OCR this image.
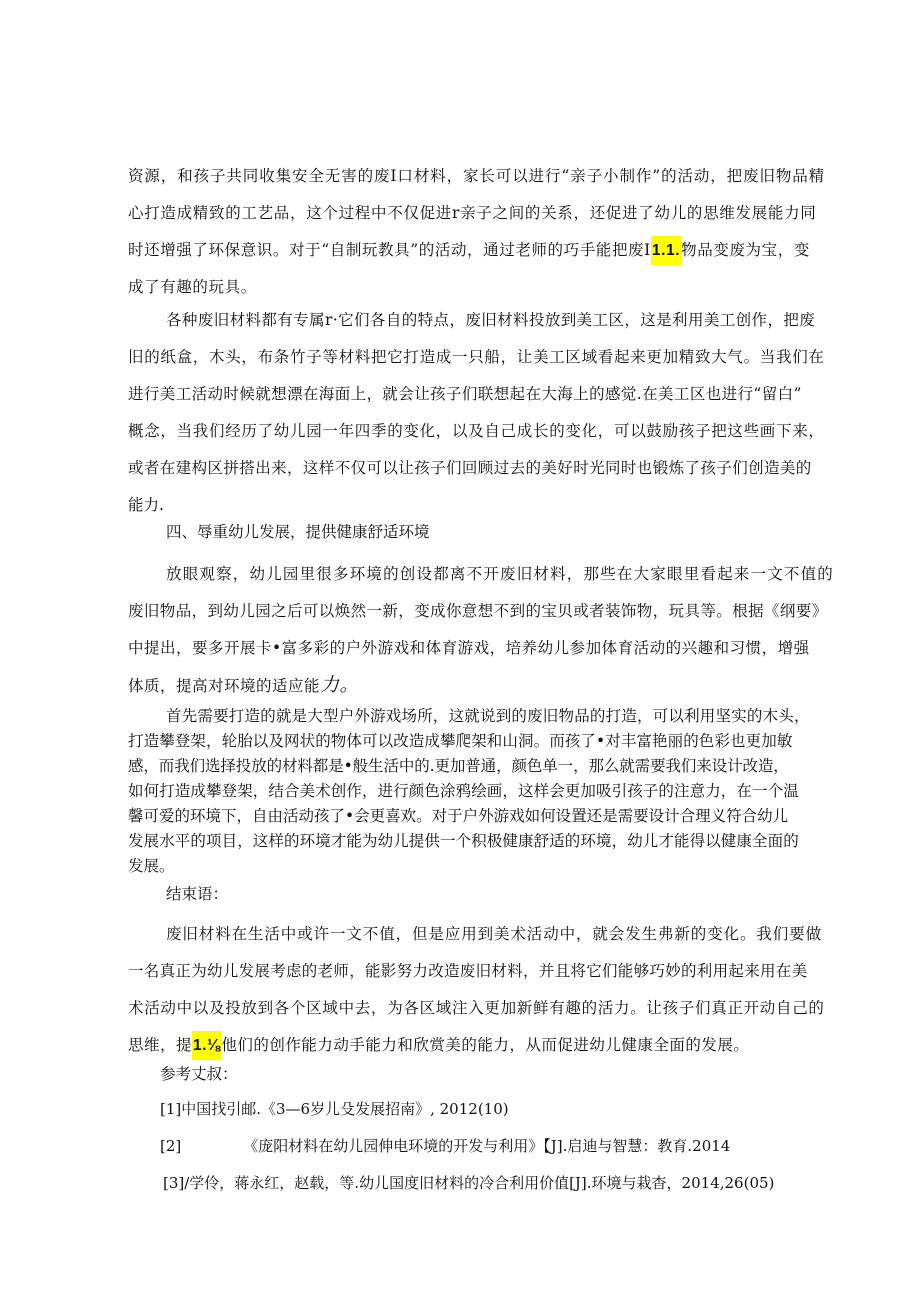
资源，和孩子共同收集安全无害的废I口材料，家长可以进行“亲子小制作”的活动，把废旧物品精
心打造成精致的工艺品，这个过程中不仅促进r亲子之间的关系，还促进了幼儿的思维发展能力同
时还增强了环保意识。对于“自制玩教具”的活动，通过老师的巧手能把废I1.1.物品变废为宝，变
成了有趣的玩具。
各种废旧材料都有专属r·它们各自的特点，废旧材料投放到美工区，这是利用美工创作，把废
旧的纸盒，木头，布条竹子等材料把它打造成一只船，让美工区域看起来更加精致大气。当我们在
进行美工活动时候就想漂在海面上，就会让孩子们联想起在大海上的感觉.在美工区也进行“留白”
概念，当我们经历了幼儿园一年四季的变化，以及自己成长的变化，可以鼓励孩子把这些画下来，
或者在建构区拼搭出来，这样不仅可以让孩子们回顾过去的美好时光同时也锻炼了孩子们创造美的
能力.

四、辱重幼儿发展，提供健康舒适环境

放眼观察，幼儿园里很多环境的创设都离不开废旧材料，那些在大家眼里看起来一文不值的
废旧物品，到幼儿园之后可以焕然一新，变成你意想不到的宝贝或者装饰物，玩具等。根据《纲要》
中提出，要多开展卡•富多彩的户外游戏和体育游戏，培养幼儿参加体育活动的兴趣和习惯，增强
体质，提高对环境的适应能力。
首先需要打造的就是大型户外游戏场所，这就说到的废旧物品的打造，可以利用坚实的木头，
打造攀登架，轮胎以及网状的物体可以改造成攀爬架和山洞。而孩了•对丰富艳丽的色彩也更加敏
感，而我们选择投放的材料都是•般生活中的.更加普通，颜色单一，那么就需要我们来设计改造，
如何打造成攀登架，结合美术创作，进行颜色涂鸦绘画，这样会更加吸引孩子的注意力，在一个温
馨可爱的环境下，自由活动孩了•会更喜欢。对于户外游戏如何设置还是需要设计合理义符合幼儿
发展水平的项目，这样的环境才能为幼儿提供一个积极健康舒适的环境，幼儿才能得以健康全面的
发展。

结束语：

废旧材料在生活中或许一文不值，但是应用到美术活动中，就会发生弗新的变化。我们要做
一名真正为幼儿发展考虑的老师，能影努力改造废旧材料，并且将它们能够巧妙的利用起来用在美
术活动中以及投放到各个区域中去，为各区域注入更加新鲜有趣的活力。让孩子们真正开动自己的
思维，提1.⅛他们的创作能力动手能力和欣赏美的能力，从而促进幼儿健康全面的发展。

参考丈叔：

[1]中国找引邮.《3—6岁儿殳发展招南》, 2012(10)

[2]	《庞阳材料在幼儿园伸电环境的开发与利用》【J].启迪与智慧：教育.2014

[3]/学伶，蒋永红，赵载，等.幼儿国度旧材料的冷合利用价值[J].环境与栽杳，2014,26(05)
